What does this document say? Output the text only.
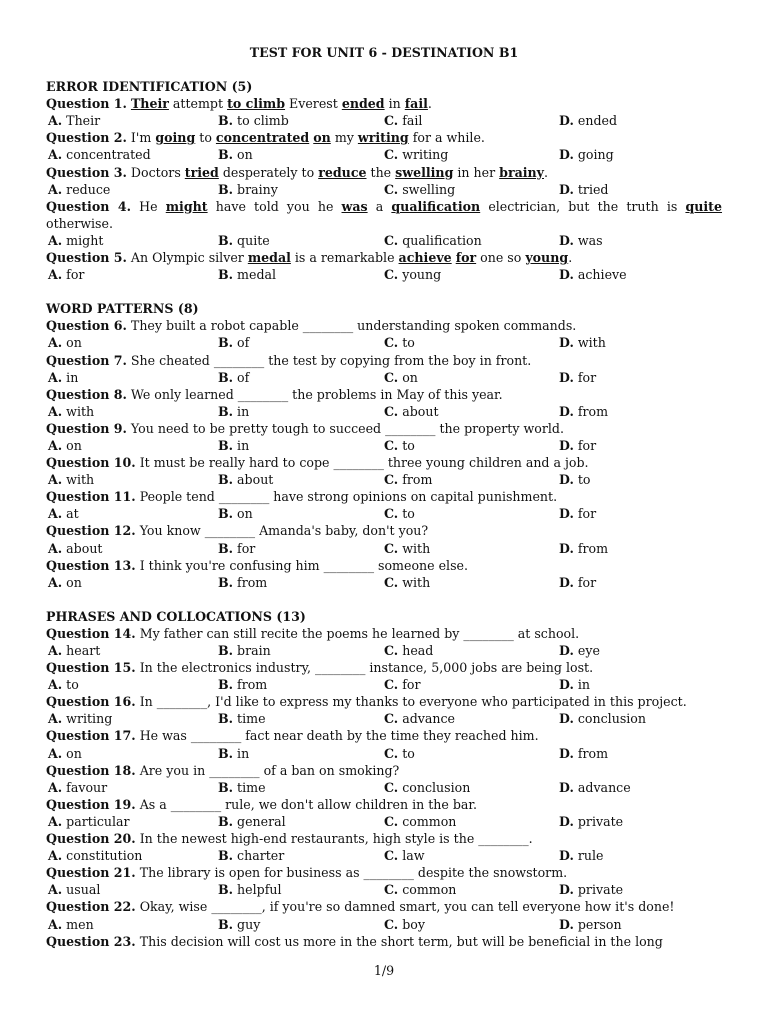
TEST FOR UNIT 6 - DESTINATION B1
ERROR IDENTIFICATION (5)
Question 1. Their attempt to climb Everest ended in fail.
A. Their	B. to climb	C. fail	D. ended
Question 2. I'm going to concentrated on my writing for a while.
A. concentrated	B. on	C. writing	D. going
Question 3. Doctors tried desperately to reduce the swelling in her brainy.
A. reduce	B. brainy	C. swelling	D. tried
Question 4. He might have told you he was a qualification electrician, but the truth is quite otherwise.
A. might	B. quite	C. qualification	D. was
Question 5. An Olympic silver medal is a remarkable achieve for one so young.
A. for	B. medal	C. young	D. achieve
WORD PATTERNS (8)
Question 6. They built a robot capable ________ understanding spoken commands.
A. on	B. of	C. to	D. with
Question 7. She cheated ________ the test by copying from the boy in front.
A. in	B. of	C. on	D. for
Question 8. We only learned ________ the problems in May of this year.
A. with	B. in	C. about	D. from
Question 9. You need to be pretty tough to succeed ________ the property world.
A. on	B. in	C. to	D. for
Question 10. It must be really hard to cope ________ three young children and a job.
A. with	B. about	C. from	D. to
Question 11. People tend ________ have strong opinions on capital punishment.
A. at	B. on	C. to	D. for
Question 12. You know ________ Amanda's baby, don't you?
A. about	B. for	C. with	D. from
Question 13. I think you're confusing him ________ someone else.
A. on	B. from	C. with	D. for
PHRASES AND COLLOCATIONS (13)
Question 14. My father can still recite the poems he learned by ________ at school.
A. heart	B. brain	C. head	D. eye
Question 15. In the electronics industry, ________ instance, 5,000 jobs are being lost.
A. to	B. from	C. for	D. in
Question 16. In ________, I'd like to express my thanks to everyone who participated in this project.
A. writing	B. time	C. advance	D. conclusion
Question 17. He was ________ fact near death by the time they reached him.
A. on	B. in	C. to	D. from
Question 18. Are you in ________ of a ban on smoking?
A. favour	B. time	C. conclusion	D. advance
Question 19. As a ________ rule, we don't allow children in the bar.
A. particular	B. general	C. common	D. private
Question 20. In the newest high-end restaurants, high style is the ________.
A. constitution	B. charter	C. law	D. rule
Question 21. The library is open for business as ________ despite the snowstorm.
A. usual	B. helpful	C. common	D. private
Question 22. Okay, wise ________, if you're so damned smart, you can tell everyone how it's done!
A. men	B. guy	C. boy	D. person
Question 23. This decision will cost us more in the short term, but will be beneficial in the long
1/9
